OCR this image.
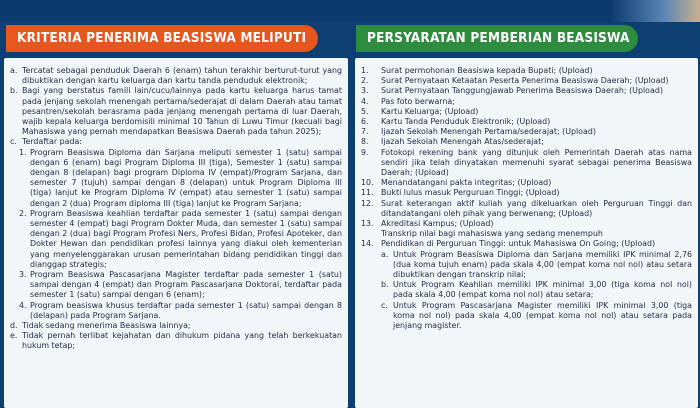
a. Tercatat sebagai penduduk Daerah 6 (enam) tahun terakhir berturut-turut yang dibuktikan dengan kartu keluarga dan kartu tanda penduduk elektronik;
b. Bagi yang berstatus famili lain/cucu/lainnya pada kartu keluarga harus tamat pada jenjang sekolah menengah pertama/sederajat di dalam Daerah atau tamat pesantren/sekolah berasrama pada jenjang menengah pertama di luar Daerah, wajib kepala keluarga berdomisili minimal 10 Tahun di Luwu Timur (kecuali bagi Mahasiswa yang pernah mendapatkan Beasiswa Daerah pada tahun 2025);
c. Terdaftar pada:
1. Program Beasiswa Diploma dan Sarjana meliputi semester 1 (satu) sampai dengan 6 (enam) bagi Program Diploma III (tiga), Semester 1 (satu) sampai dengan 8 (delapan) bagi program Diploma IV (empat)/Program Sarjana, dan semester 7 (tujuh) sampai dengan 8 (delapan) untuk Program Diploma III (tiga) lanjut ke Program Diploma IV (empat) atau semester 1 (satu) sampai dengan 2 (dua) Program diploma III (tiga) lanjut ke Program Sarjana;
2. Program Beasiswa keahlian terdaftar pada semester 1 (satu) sampai dengan semester 4 (empat) bagi Program Dokter Muda, dan semester 1 (satu) sampai dengan 2 (dua) bagi Program Profesi Ners, Profesi Bidan, Profesi Apoteker, dan Dokter Hewan dan pendidikan profesi lainnya yang diakui oleh kementerian yang menyelenggarakan urusan pemerintahan bidang pendidikan tinggi dan dianggap strategis;
3. Program Beasiswa Pascasarjana Magister terdaftar pada semester 1 (satu) sampai dengan 4 (empat) dan Program Pascasarjana Doktoral, terdaftar pada semester 1 (satu) sampai dengan 6 (enam);
4. Program beasiswa khusus terdaftar pada semester 1 (satu) sampai dengan 8 (delapan) pada Program Sarjana.
d. Tidak sedang menerima Beasiswa lainnya;
e. Tidak pernah terlibat kejahatan dan dihukum pidana yang telah berkekuatan hukum tetap;
1. Surat permohonan Beasiswa kepada Bupati; (Upload)
2. Surat Pernyataan Ketaatan Peserta Penerima Beasiswa Daerah; (Upload)
3. Surat Pernyataan Tanggungjawab Penerima Beasiswa Daerah; (Upload)
4. Pas foto berwarna;
5. Kartu Keluarga; (Upload)
6. Kartu Tanda Penduduk Elektronik; (Upload)
7. Ijazah Sekolah Menengah Pertama/sederajat; (Upload)
8. Ijazah Sekolah Menengah Atas/sederajat;
9. Fotokopi rekening bank yang ditunjuk oleh Pemerintah Daerah atas nama sendiri jika telah dinyatakan memenuhi syarat sebagai penerima Beasiswa Daerah; (Upload)
10. Menandatangani pakta integritas; (Upload)
11. Bukti lulus masuk Perguruan Tinggi; (Upload)
12. Surat keterangan aktif kuliah yang dikeluarkan oleh Perguruan Tinggi dan ditandatangani oleh pihak yang berwenang; (Upload)
13. Akreditasi Kampus; (Upload)
Transkrip nilai bagi mahasiswa yang sedang menempuh
14. Pendidikan di Perguruan Tinggi: untuk Mahasiswa On Going; (Upload)
a. Untuk Program Beasiswa Diploma dan Sarjana memiliki IPK minimal 2,76 (dua koma tujuh enam) pada skala 4,00 (empat koma nol nol) atau setara dibuktikan dengan transkrip nilai;
b. Untuk Program Keahlian memiliki IPK minimal 3,00 (tiga koma nol nol) pada skala 4,00 (empat koma nol nol) atau setara;
c. Untuk Program Pascasarjana Magister memiliki IPK minimal 3,00 (tiga koma nol nol) pada skala 4,00 (empat koma nol nol) atau setara pada jenjang magister.
KRITERIA PENERIMA BEASISWA MELIPUTI	PERSYARATAN PEMBERIAN BEASISWA
